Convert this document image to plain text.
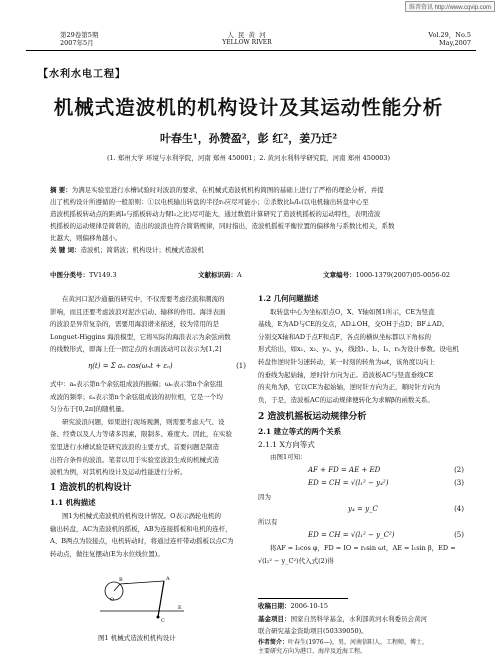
维普资讯 http://www.cqvip.com
第29卷第5期
2007年5月
人 民 黄 河
YELLOW RIVER
Vol.29，No.5
May,2007
【水利水电工程】
机械式造波机的机构设计及其运动性能分析
叶春生¹，孙赞盈²，彭 红²，姜乃迁²
(1. 郑州大学 环境与水利学院，河南 郑州 450001；2. 黄河水利科学研究院，河南 郑州 450003)
摘 要：为满足实验室进行水槽试验时对波浪的要求，在机械式造波机机构简图的基础上进行了严格的理论分析，并提
出了机构设计所遵循的一般原则：①以电机输出转盘的半径r₀应尽可能小；②杀数比l₀/l₁(以电机输出转盘中心至
造波机摇板转动点的距离l₀与摇板转动力臂l₁之比)尽可能大，通过数值计算研究了造波机摇板的运动特性，表明造波
机摇板的运动规律是简谐的，造出的波浪也符合简谐规律，同时指出，造波机摇板平衡位置的偏移角与系数比相关，系数
比越大，则偏移角越小。
关 键 词：造波机；简谐波；机构设计；机械式造波机
中图分类号：TV149.3	文献标识码：A	文章编号：1000-1379(2007)05-0056-02

在黄河口泥沙通量的研究中，不仅需要考虑径流和潮流的

影响，而且还要考虑波浪对泥沙启动、输移的作用。海洋表面

的波浪是异常复杂的，需要用海浪谱来描述，较为常用的是

Longuet-Higgins 海浪模型，它将实际的海浪表示为余弦函数

的线数形式，即海上任一固定点的水面波动可以表示为[1,2]

η(t) = Σ aₙ cos(ωₙt + εₙ)	(1)

式中：aₙ表示第n个余弦组成波的振幅；ωₙ表示第n个余弦组

成波的频率；εₙ表示第n个余弦组成波的初位相，它是一个均

匀分布于[0,2π]的随机量。

研究波浪问题，如果进行现场观测，则需要考虑天气、设

备、经费以及人力等诸多因素，限制多、难度大。因此，在实验

室里进行水槽试验是研究波浪的主要方式，首要问题是制造

出符合条件的波浪。笔者以用于实验室波浪生成的机械式造

波机为例，对其机构设计及运动性能进行分析。

1 造波机的机构设计

1.1 机构描述

图1为机械式造波机的机构设计情况。O表示涡轮电机的

输出转盘，AC为造波机的摇板，AB为连接摇板和电机的连杆，

A、B两点为铰接点，电机转动时，将通过连杆带动摇板以点C为

转动点，做往复摆动(E为水位线位置)。

O
A
B
C
E
图1 机械式造波机机构设计

1.2 几何问题描述

取转盘中心为坐标原点O，X、Y轴如图1所示，CE为竖直

基线，E为AD与CE的交点，AD⊥OH，交OH于点D；BF⊥AD。

分别交X轴和AD于点F和点F，各点的横纵坐标都以下角标的

形式给出，如x₁、x₂、y₃、y₄，线段l₁、l₂、l₃、r₀为设计参数。设电机

转盘作逆时针匀速转动，某一时刻的转角为ωt，该角度以向上

的垂线为起始轴，逆时针方向为正。造波板AC与竖直垂线CE

的夹角为β，它以CE为起始轴，逆时针方向为正，顺时针方向为

负，于是，造波板AC的运动规律便转化为求解β的函数关系。

2 造波机摇板运动规律分析

2.1 建立等式的两个关系

2.1.1 X方向等式

由图1可知：

AF + FD = AE + ED	(2)
ED = CH = √(l₁² − y₄²)	(3)

因为

y₄ = y_C	(4)

所以有

ED = CH = √(l₁² − y_C²)	(5)

将AF = l₂cos φ，FD = IO = r₀sin ωt，AE = l₁sin β，ED =

√(l₁² − y_C²)代入式(2)得

收稿日期：2006-10-15
基金项目：国家自然科学基金，水利部黄河水利委员会黄河
联合研究基金资助项目(50339050)。
作者简介：叶春生(1976—)，男，河南信阳人，工程师，博士，
主要研究方向为港口、海岸及近海工程。
